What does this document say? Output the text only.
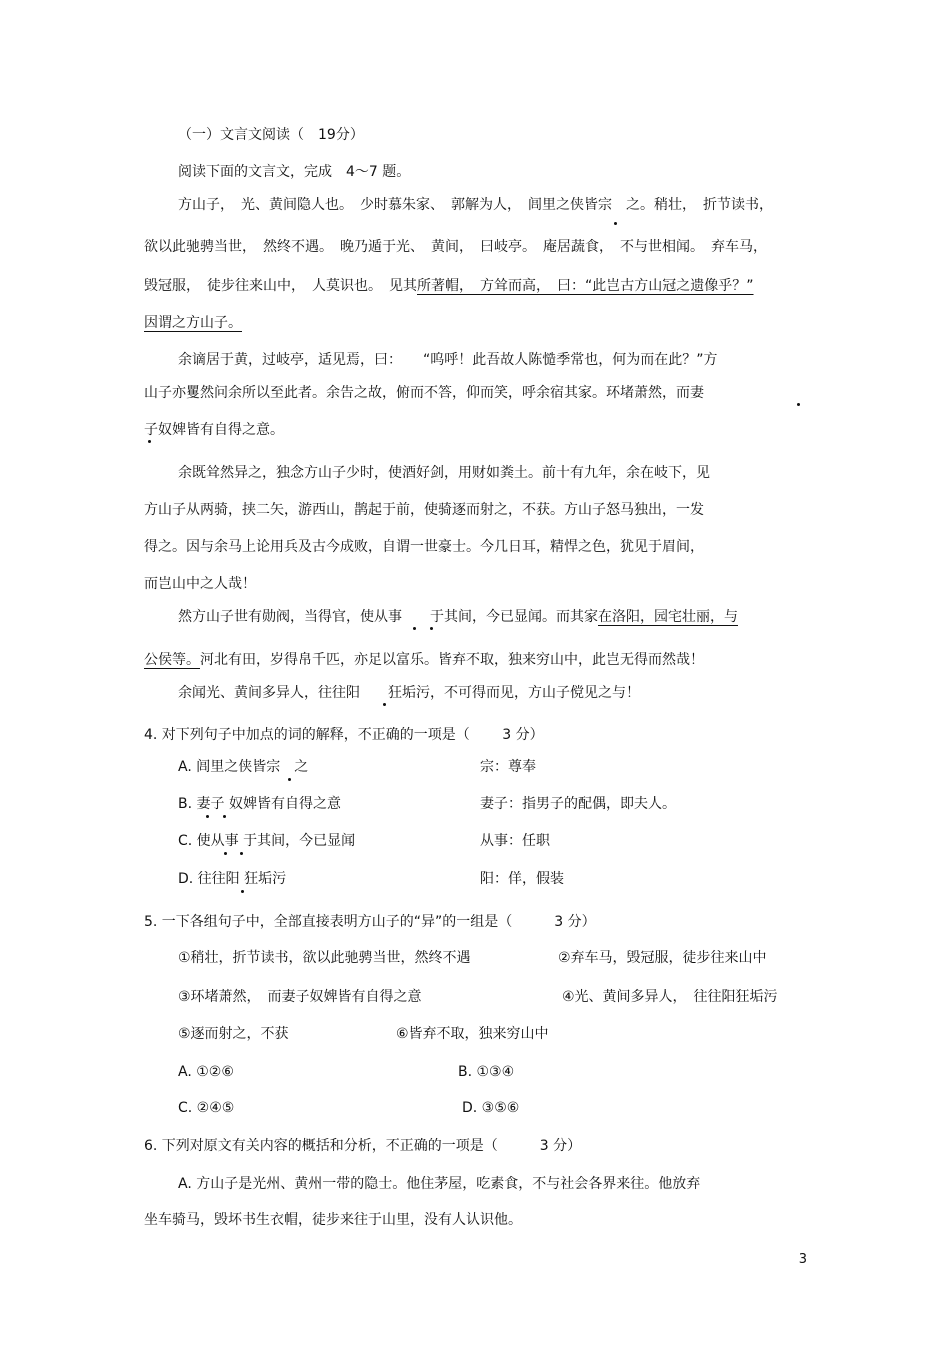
（一）文言文阅读（　19分）
阅读下面的文言文，完成　4～7 题。
方山子，　光、黄间隐人也。　少时慕朱家、　郭解为人，　闾里之侠皆宗　之。稍壮，　折节读书，
欲以此驰骋当世，　然终不遇。　晚乃遁于光、　黄间，　曰岐亭。　庵居蔬食，　不与世相闻。　弃车马，
毁冠服，　徒步往来山中，　人莫识也。　见其所著帽，　方耸而高，　曰：“此岂古方山冠之遗像乎？”
因谓之方山子。
余谪居于黄，过岐亭，适见焉，曰：　　“呜呼！此吾故人陈慥季常也，何为而在此？”方
山子亦矍然问余所以至此者。余告之故，俯而不答，仰而笑，呼余宿其家。环堵萧然，而妻
子奴婢皆有自得之意。
余既耸然异之，独念方山子少时，使酒好剑，用财如粪土。前十有九年，余在岐下，见
方山子从两骑，挟二矢，游西山，鹊起于前，使骑逐而射之，不获。方山子怒马独出，一发
得之。因与余马上论用兵及古今成败，自谓一世豪士。今几日耳，精悍之色，犹见于眉间，
而岂山中之人哉！
然方山子世有勋阀，当得官，使从事　　于其间，今已显闻。而其家在洛阳，园宅壮丽，与
公侯等。河北有田，岁得帛千匹，亦足以富乐。皆弃不取，独来穷山中，此岂无得而然哉！
余闻光、黄间多异人，往往阳　　狂垢污，不可得而见，方山子傥见之与！
4. 对下列句子中加点的词的解释，不正确的一项是（　　 3 分）
A. 闾里之侠皆宗　之	宗：尊奉
B. 妻子 奴婢皆有自得之意	妻子：指男子的配偶，即夫人。
C. 使从事 于其间，今已显闻	从事：任职
D. 往往阳 狂垢污	阳：佯，假装
5. 一下各组句子中，全部直接表明方山子的“异”的一组是（　　　3 分）
①稍壮，折节读书，欲以此驰骋当世，然终不遇	②弃车马，毁冠服，徒步往来山中
③环堵萧然，　而妻子奴婢皆有自得之意	④光、黄间多异人，　往往阳狂垢污
⑤逐而射之，不获	⑥皆弃不取，独来穷山中
A. ①②⑥	B. ①③④
C. ②④⑤	D. ③⑤⑥
6. 下列对原文有关内容的概括和分析，不正确的一项是（　　　3 分）
A. 方山子是光州、黄州一带的隐士。他住茅屋，吃素食，不与社会各界来往。他放弃
坐车骑马，毁坏书生衣帽，徒步来往于山里，没有人认识他。
3
